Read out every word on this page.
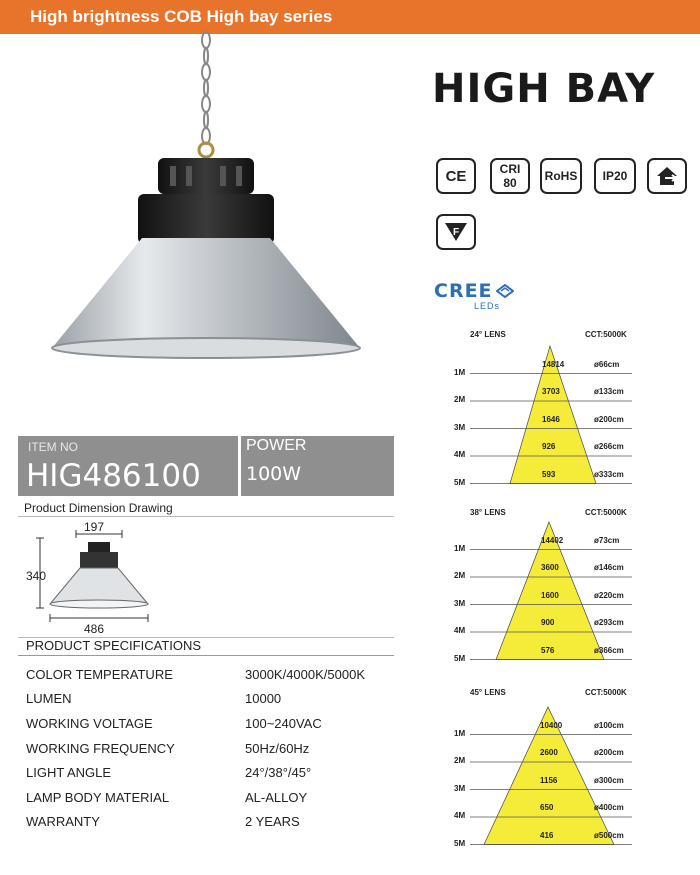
High brightness COB High bay series
HIGH BAY
CE	CRI
80 RoHS IP20
F
CREE
LEDs
ITEM NO
HIG486100
POWER
100W
Product Dimension Drawing
197
340
486
PRODUCT SPECIFICATIONS
COLOR TEMPERATURE	3000K/4000K/5000K
LUMEN	10000
WORKING VOLTAGE	100~240VAC
WORKING FREQUENCY	50Hz/60Hz
LIGHT ANGLE	24°/38°/45°
LAMP BODY MATERIAL	AL-ALLOY
WARRANTY	2 YEARS
24° LENS	CCT:5000K
1M
14814	ø66cm
2M
3703	ø133cm
3M
1646	ø200cm
4M
926	ø266cm
5M
593	ø333cm
38° LENS	CCT:5000K
1M
14402	ø73cm
2M
3600	ø146cm
3M
1600	ø220cm
4M
900	ø293cm
5M
576	ø366cm
45° LENS	CCT:5000K
1M
10400	ø100cm
2M
2600	ø200cm
3M
1156	ø300cm
4M
650	ø400cm
5M
416	ø500cm
